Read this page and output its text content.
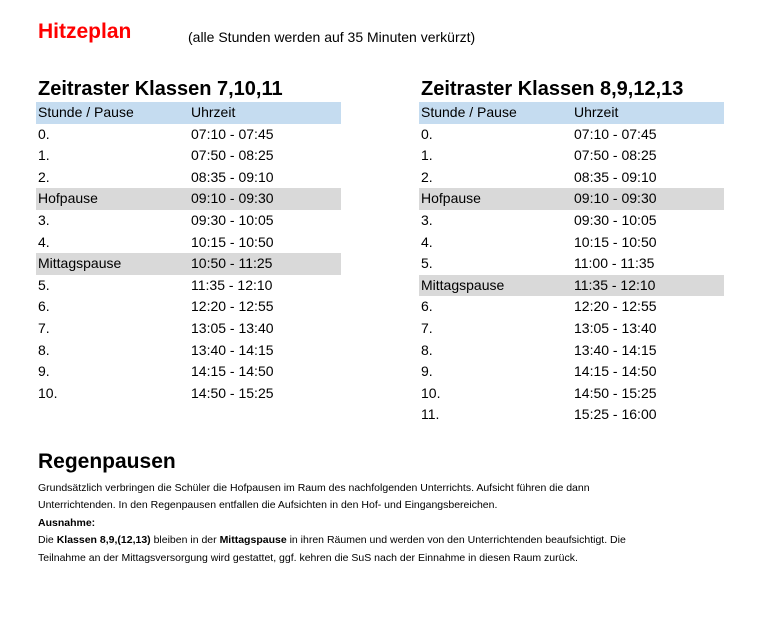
Hitzeplan	(alle Stunden werden auf 35 Minuten verkürzt)
Zeitraster Klassen 7,10,11
Stunde / Pause	Uhrzeit
0.	07:10 - 07:45
1.	07:50 - 08:25
2.	08:35 - 09:10
Hofpause	09:10 - 09:30
3.	09:30 - 10:05
4.	10:15 - 10:50
Mittagspause	10:50 - 11:25
5.	11:35 - 12:10
6.	12:20 - 12:55
7.	13:05 - 13:40
8.	13:40 - 14:15
9.	14:15 - 14:50
10.	14:50 - 15:25
Zeitraster Klassen 8,9,12,13
Stunde / Pause	Uhrzeit
0.	07:10 - 07:45
1.	07:50 - 08:25
2.	08:35 - 09:10
Hofpause	09:10 - 09:30
3.	09:30 - 10:05
4.	10:15 - 10:50
5.	11:00 - 11:35
Mittagspause	11:35 - 12:10
6.	12:20 - 12:55
7.	13:05 - 13:40
8.	13:40 - 14:15
9.	14:15 - 14:50
10.	14:50 - 15:25
11.	15:25 - 16:00
Regenpausen

Grundsätzlich verbringen die Schüler die Hofpausen im Raum des nachfolgenden Unterrichts. Aufsicht führen die dann Unterrichtenden. In den Regenpausen entfallen die Aufsichten in den Hof- und Eingangsbereichen.

Ausnahme:

Die Klassen 8,9,(12,13) bleiben in der Mittagspause in ihren Räumen und werden von den Unterrichtenden beaufsichtigt. Die Teilnahme an der Mittagsversorgung wird gestattet, ggf. kehren die SuS nach der Einnahme in diesen Raum zurück.
